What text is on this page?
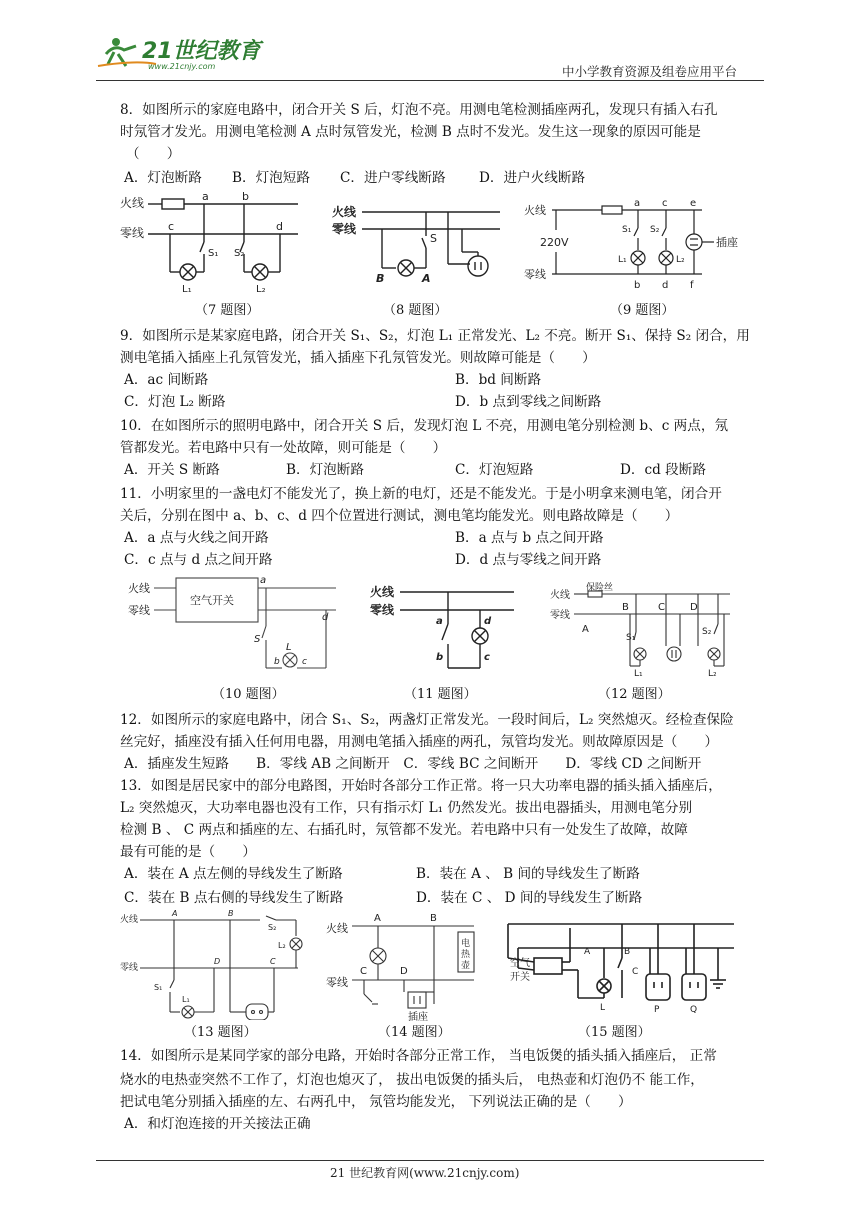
21世纪教育
www.21cnjy.com	中小学教育资源及组卷应用平台
8．如图所示的家庭电路中，闭合开关 S 后，灯泡不亮。用测电笔检测插座两孔，发现只有插入右孔
时氖管才发光。用测电笔检测 A 点时氖管发光，检测 B 点时不发光。发生这一现象的原因可能是
（　　）
A．灯泡断路 B．灯泡短路 C．进户零线断路 D．进户火线断路
火线
零线
a	b
c	d
S₁ S₂
L₁	L₂
火线
零线
S
B	A
火线
零线
220V
a c e
S₁ S₂
L₁	L₂
b d f
插座
（7 题图）	（8 题图）	（9 题图）
9．如图所示是某家庭电路，闭合开关 S₁、S₂，灯泡 L₁ 正常发光、L₂ 不亮。断开 S₁、保持 S₂ 闭合，用
测电笔插入插座上孔氖管发光，插入插座下孔氖管发光。则故障可能是（　　）
A．ac 间断路	B．bd 间断路
C．灯泡 L₂ 断路	D．b 点到零线之间断路
10．在如图所示的照明电路中，闭合开关 S 后，发现灯泡 L 不亮，用测电笔分别检测 b、c 两点，氖
管都发光。若电路中只有一处故障，则可能是（　　）
A．开关 S 断路	B．灯泡断路	C．灯泡短路	D．cd 段断路
11．小明家里的一盏电灯不能发光了，换上新的电灯，还是不能发光。于是小明拿来测电笔，闭合开
关后，分别在图中 a、b、c、d 四个位置进行测试，测电笔均能发光。则电路故障是（　　）
A．a 点与火线之间开路	B．a 点与 b 点之间开路
C．c 点与 d 点之间开路	D．d 点与零线之间开路
火线
零线
空气开关
a
d
S
L
b c
火线
零线
a
b
d
c
火线
零线
保险丝
A
B	C	D
S₁
L₁
S₂
L₂
（10 题图）	（11 题图）	（12 题图）
12．如图所示的家庭电路中，闭合 S₁、S₂，两盏灯正常发光。一段时间后，L₂ 突然熄灭。经检查保险
丝完好，插座没有插入任何用电器，用测电笔插入插座的两孔，氖管均发光。则故障原因是（　　）
A．插座发生短路　　B．零线 AB 之间断开　C．零线 BC 之间断开　　D．零线 CD 之间断开
13．如图是居民家中的部分电路图，开始时各部分工作正常。将一只大功率电器的插头插入插座后，
L₂ 突然熄灭，大功率电器也没有工作，只有指示灯 L₁ 仍然发光。拔出电器插头，用测电笔分别
检测 B 、 C 两点和插座的左、右插孔时，氖管都不发光。若电路中只有一处发生了故障，故障
最有可能的是（　　）
A．装在 A 点左侧的导线发生了断路	B．装在 A 、 B 间的导线发生了断路
C．装在 B 点右侧的导线发生了断路	D．装在 C 、 D 间的导线发生了断路
火线
零线
S₂
A	B
D	C
L₂
S₁
L₁
火线
零线
A	B
C	D
插座
电
热
壶	空气
开关
A	B
C
L	P	Q
（13 题图）	（14 题图）	（15 题图）
14．如图所示是某同学家的部分电路，开始时各部分正常工作， 当电饭煲的插头插入插座后， 正常
烧水的电热壶突然不工作了，灯泡也熄灭了， 拔出电饭煲的插头后， 电热壶和灯泡仍不 能工作，
把试电笔分别插入插座的左、右两孔中， 氖管均能发光， 下列说法正确的是（　　）
A．和灯泡连接的开关接法正确
21 世纪教育网(www.21cnjy.com)
